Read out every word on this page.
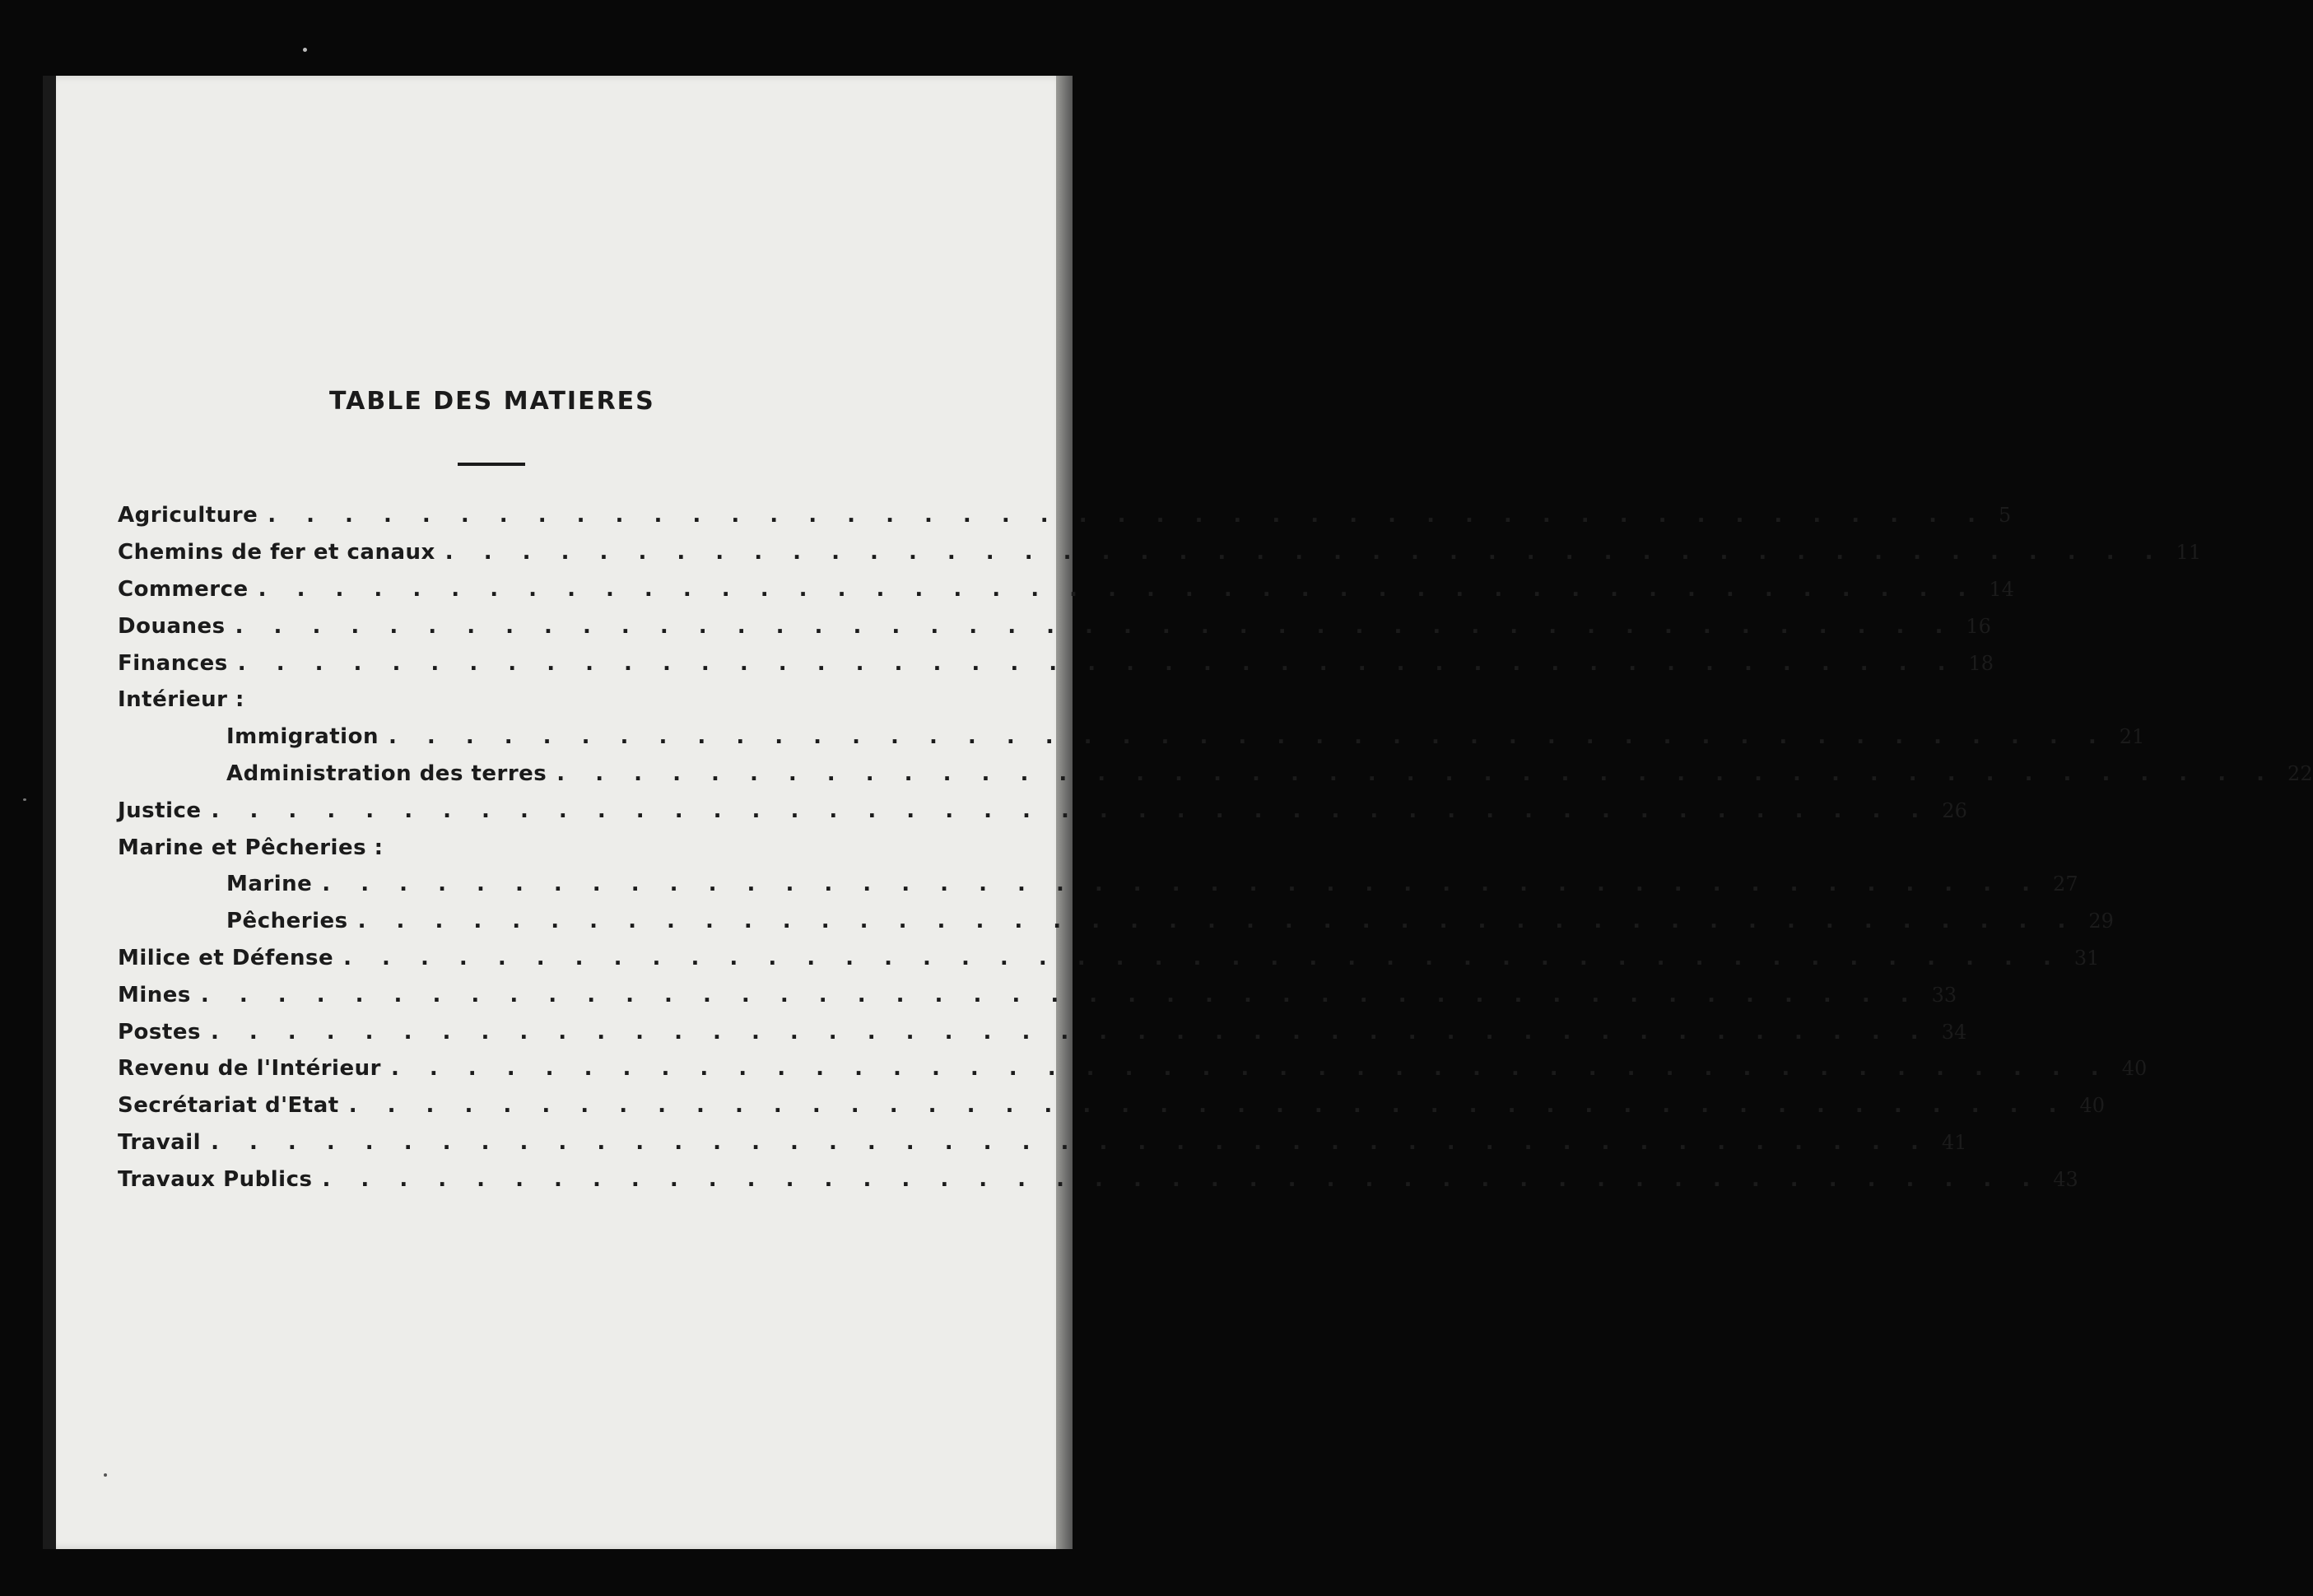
TABLE DES MATIERES
Agriculture . . . . . . . . . . . . . . . . . . . . . . . . . . . . . . . . . . . . . . . . . . . . . 5
Chemins de fer et canaux . . . . . . . . . . . . . . . . . . . . . . . . . . . . . . . . . . . . . . . . . . . . . 11
Commerce . . . . . . . . . . . . . . . . . . . . . . . . . . . . . . . . . . . . . . . . . . . . . 14
Douanes . . . . . . . . . . . . . . . . . . . . . . . . . . . . . . . . . . . . . . . . . . . . . 16
Finances . . . . . . . . . . . . . . . . . . . . . . . . . . . . . . . . . . . . . . . . . . . . . 18
Intérieur :
Immigration . . . . . . . . . . . . . . . . . . . . . . . . . . . . . . . . . . . . . . . . . . . . . 21
Administration des terres . . . . . . . . . . . . . . . . . . . . . . . . . . . . . . . . . . . . . . . . . . . . . 22
Justice . . . . . . . . . . . . . . . . . . . . . . . . . . . . . . . . . . . . . . . . . . . . . 26
Marine et Pêcheries :
Marine . . . . . . . . . . . . . . . . . . . . . . . . . . . . . . . . . . . . . . . . . . . . . 27
Pêcheries . . . . . . . . . . . . . . . . . . . . . . . . . . . . . . . . . . . . . . . . . . . . . 29
Milice et Défense . . . . . . . . . . . . . . . . . . . . . . . . . . . . . . . . . . . . . . . . . . . . . 31
Mines . . . . . . . . . . . . . . . . . . . . . . . . . . . . . . . . . . . . . . . . . . . . . 33
Postes . . . . . . . . . . . . . . . . . . . . . . . . . . . . . . . . . . . . . . . . . . . . . 34
Revenu de l'Intérieur . . . . . . . . . . . . . . . . . . . . . . . . . . . . . . . . . . . . . . . . . . . . . 40
Secrétariat d'Etat . . . . . . . . . . . . . . . . . . . . . . . . . . . . . . . . . . . . . . . . . . . . . 40
Travail . . . . . . . . . . . . . . . . . . . . . . . . . . . . . . . . . . . . . . . . . . . . . 41
Travaux Publics . . . . . . . . . . . . . . . . . . . . . . . . . . . . . . . . . . . . . . . . . . . . . 43
